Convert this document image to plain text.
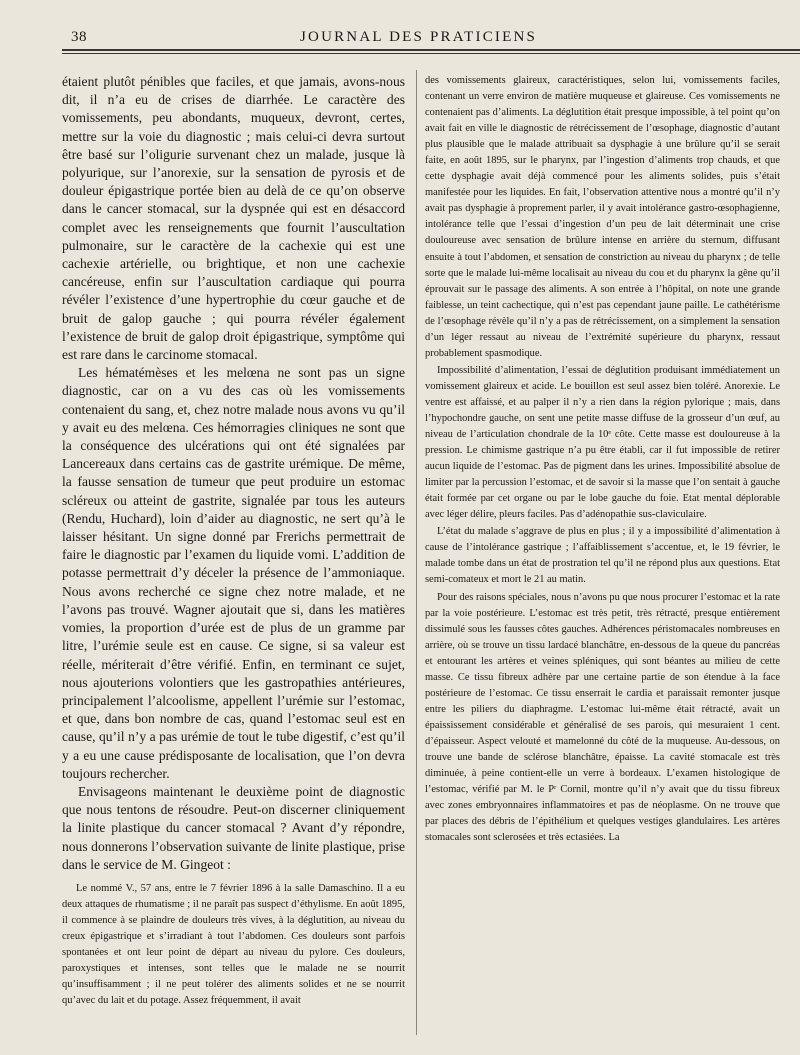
38	JOURNAL DES PRATICIENS

étaient plutôt pénibles que faciles, et que jamais, avons-nous dit, il n’a eu de crises de diarrhée. Le caractère des vomissements, peu abondants, muqueux, devront, certes, mettre sur la voie du diagnostic ; mais celui-ci devra surtout être basé sur l’oligurie survenant chez un malade, jusque là polyurique, sur l’anorexie, sur la sensation de pyrosis et de douleur épigastrique portée bien au delà de ce qu’on observe dans le cancer stomacal, sur la dyspnée qui est en désaccord complet avec les renseignements que fournit l’auscultation pulmonaire, sur le caractère de la cachexie qui est une cachexie artérielle, ou brightique, et non une cachexie cancéreuse, enfin sur l’auscultation cardiaque qui pourra révéler l’existence d’une hypertrophie du cœur gauche et de bruit de galop gauche ; qui pourra révéler également l’existence de bruit de galop droit épigastrique, symptôme qui est rare dans le carcinome stomacal.

Les hématémèses et les melœna ne sont pas un signe diagnostic, car on a vu des cas où les vomissements contenaient du sang, et, chez notre malade nous avons vu qu’il y avait eu des melœna. Ces hémorragies cliniques ne sont que la conséquence des ulcérations qui ont été signalées par Lancereaux dans certains cas de gastrite urémique. De même, la fausse sensation de tumeur que peut produire un estomac scléreux ou atteint de gastrite, signalée par tous les auteurs (Rendu, Huchard), loin d’aider au diagnostic, ne sert qu’à le laisser hésitant. Un signe donné par Frerichs permettrait de faire le diagnostic par l’examen du liquide vomi. L’addition de potasse permettrait d’y déceler la présence de l’ammoniaque. Nous avons recherché ce signe chez notre malade, et ne l’avons pas trouvé. Wagner ajoutait que si, dans les matières vomies, la proportion d’urée est de plus de un gramme par litre, l’urémie seule est en cause. Ce signe, si sa valeur est réelle, mériterait d’être vérifié. Enfin, en terminant ce sujet, nous ajouterions volontiers que les gastropathies antérieures, principalement l’alcoolisme, appellent l’urémie sur l’estomac, et que, dans bon nombre de cas, quand l’estomac seul est en cause, qu’il n’y a pas urémie de tout le tube digestif, c’est qu’il y a eu une cause prédisposante de localisation, que l’on devra toujours rechercher.

Envisageons maintenant le deuxième point de diagnostic que nous tentons de résoudre. Peut-on discerner cliniquement la linite plastique du cancer stomacal ? Avant d’y répondre, nous donnerons l’observation suivante de linite plastique, prise dans le service de M. Gingeot :

Le nommé V., 57 ans, entre le 7 février 1896 à la salle Damaschino. Il a eu deux attaques de rhumatisme ; il ne paraît pas suspect d’éthylisme. En août 1895, il commence à se plaindre de douleurs très vives, à la déglutition, au niveau du creux épigastrique et s’irradiant à tout l’abdomen. Ces douleurs sont parfois spontanées et ont leur point de départ au niveau du pylore. Ces douleurs, paroxystiques et intenses, sont telles que le malade ne se nourrit qu’insuffisamment ; il ne peut tolérer des aliments solides et ne se nourrit qu’avec du lait et du potage. Assez fréquemment, il avait

des vomissements glaireux, caractéristiques, selon lui, vomissements faciles, contenant un verre environ de matière muqueuse et glaireuse. Ces vomissements ne contenaient pas d’aliments. La déglutition était presque impossible, à tel point qu’on avait fait en ville le diagnostic de rétrécissement de l’œsophage, diagnostic d’autant plus plausible que le malade attribuait sa dysphagie à une brûlure qu’il se serait faite, en août 1895, sur le pharynx, par l’ingestion d’aliments trop chauds, et que cette dysphagie avait déjà commencé pour les aliments solides, puis s’était manifestée pour les liquides. En fait, l’observation attentive nous a montré qu’il n’y avait pas dysphagie à proprement parler, il y avait intolérance gastro-œsophagienne, intolérance telle que l’essai d’ingestion d’un peu de lait déterminait une crise douloureuse avec sensation de brûlure intense en arrière du sternum, diffusant ensuite à tout l’abdomen, et sensation de constriction au niveau du pharynx ; de telle sorte que le malade lui-même localisait au niveau du cou et du pharynx la gêne qu’il éprouvait sur le passage des aliments. A son entrée à l’hôpital, on note une grande faiblesse, un teint cachectique, qui n’est pas cependant jaune paille. Le cathétérisme de l’œsophage révèle qu’il n’y a pas de rétrécissement, on a simplement la sensation d’un léger ressaut au niveau de l’extrémité supérieure du pharynx, ressaut probablement spasmodique.

Impossibilité d’alimentation, l’essai de déglutition produisant immédiatement un vomissement glaireux et acide. Le bouillon est seul assez bien toléré. Anorexie. Le ventre est affaissé, et au palper il n’y a rien dans la région pylorique ; mais, dans l’hypochondre gauche, on sent une petite masse diffuse de la grosseur d’un œuf, au niveau de l’articulation chondrale de la 10ᵉ côte. Cette masse est douloureuse à la pression. Le chimisme gastrique n’a pu être établi, car il fut impossible de retirer aucun liquide de l’estomac. Pas de pigment dans les urines. Impossibilité absolue de limiter par la percussion l’estomac, et de savoir si la masse que l’on sentait à gauche était formée par cet organe ou par le lobe gauche du foie. Etat mental déplorable avec léger délire, pleurs faciles. Pas d’adénopathie sus-claviculaire.

L’état du malade s’aggrave de plus en plus ; il y a impossibilité d’alimentation à cause de l’intolérance gastrique ; l’affaiblissement s’accentue, et, le 19 février, le malade tombe dans un état de prostration tel qu’il ne répond plus aux questions. Etat semi-comateux et mort le 21 au matin.

Pour des raisons spéciales, nous n’avons pu que nous procurer l’estomac et la rate par la voie postérieure. L’estomac est très petit, très rétracté, presque entièrement dissimulé sous les fausses côtes gauches. Adhérences péristomacales nombreuses en arrière, où se trouve un tissu lardacé blanchâtre, en-dessous de la queue du pancréas et entourant les artères et veines spléniques, qui sont béantes au milieu de cette masse. Ce tissu fibreux adhère par une certaine partie de son étendue à la face postérieure de l’estomac. Ce tissu enserrait le cardia et paraissait remonter jusque entre les piliers du diaphragme. L’estomac lui-même était rétracté, avait un épaississement considérable et généralisé de ses parois, qui mesuraient 1 cent. d’épaisseur. Aspect velouté et mamelonné du côté de la muqueuse. Au-dessous, on trouve une bande de sclérose blanchâtre, épaisse. La cavité stomacale est très diminuée, à peine contient-elle un verre à bordeaux. L’examen histologique de l’estomac, vérifié par M. le Pʳ Cornil, montre qu’il n’y avait que du tissu fibreux avec zones embryonnaires inflammatoires et pas de néoplasme. On ne trouve que par places des débris de l’épithélium et quelques vestiges glandulaires. Les artères stomacales sont sclerosées et très ectasiées. La
